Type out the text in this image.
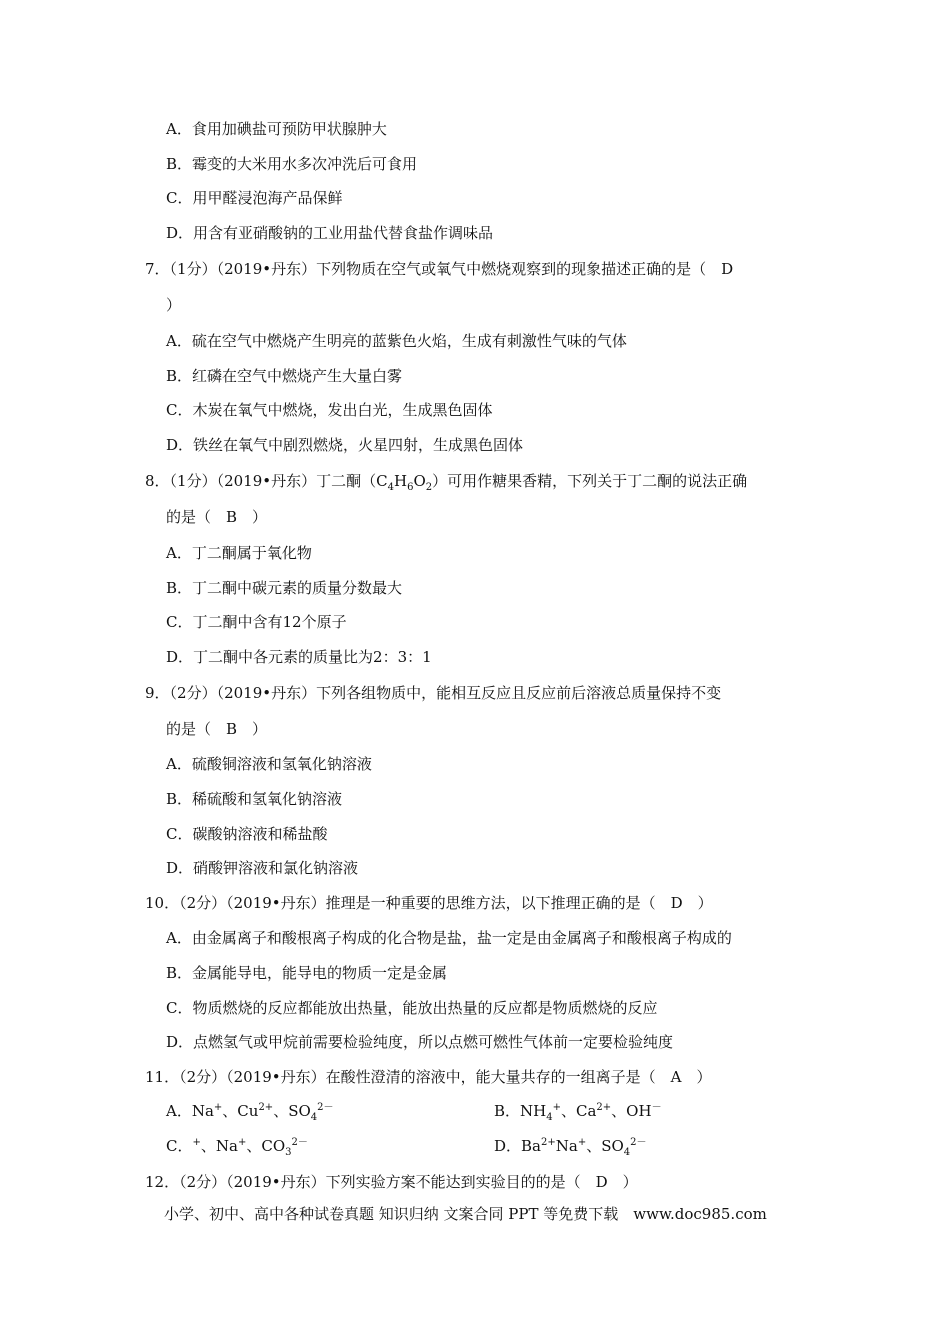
A．食用加碘盐可预防甲状腺肿大
B．霉变的大米用水多次冲洗后可食用
C．用甲醛浸泡海产品保鲜
D．用含有亚硝酸钠的工业用盐代替食盐作调味品
7．（1分）（2019•丹东）下列物质在空气或氧气中燃烧观察到的现象描述正确的是（　D
）
A．硫在空气中燃烧产生明亮的蓝紫色火焰，生成有刺激性气味的气体
B．红磷在空气中燃烧产生大量白雾
C．木炭在氧气中燃烧，发出白光，生成黑色固体
D．铁丝在氧气中剧烈燃烧，火星四射，生成黑色固体
8．（1分）（2019•丹东）丁二酮$(C_4H_6O_2)$可用作糖果香精，下列关于丁二酮的说法正确
的是（　B　）
A．丁二酮属于氧化物
B．丁二酮中碳元素的质量分数最大
C．丁二酮中含有12个原子
D．丁二酮中各元素的质量比为2：3：1
9．（2分）（2019•丹东）下列各组物质中，能相互反应且反应前后溶液总质量保持不变
的是（　B　）
A．硫酸铜溶液和氢氧化钠溶液
B．稀硫酸和氢氧化钠溶液
C．碳酸钠溶液和稀盐酸
D．硝酸钾溶液和氯化钠溶液
10．（2分）（2019•丹东）推理是一种重要的思维方法，以下推理正确的是（　D　）
A．由金属离子和酸根离子构成的化合物是盐，盐一定是由金属离子和酸根离子构成的
B．金属能导电，能导电的物质一定是金属
C．物质燃烧的反应都能放出热量，能放出热量的反应都是物质燃烧的反应
D．点燃氢气或甲烷前需要检验纯度，所以点燃可燃性气体前一定要检验纯度
11．（2分）（2019•丹东）在酸性澄清的溶液中，能大量共存的一组离子是（　A　）
A．Na+、$Cu^{2+}$、$SO_4^{2-}$	B．$NH_4^+$、$Ca^{2+}$、OH－
C．+、Na+、$CO_3^{2-}$	D．$Ba^{2+}Na^+$、$SO_4^{2-}$
12．（2分）（2019•丹东）下列实验方案不能达到实验目的的是（　D　）
小学、初中、高中各种试卷真题 知识归纳 文案合同 PPT 等免费下载　www.doc985.com
